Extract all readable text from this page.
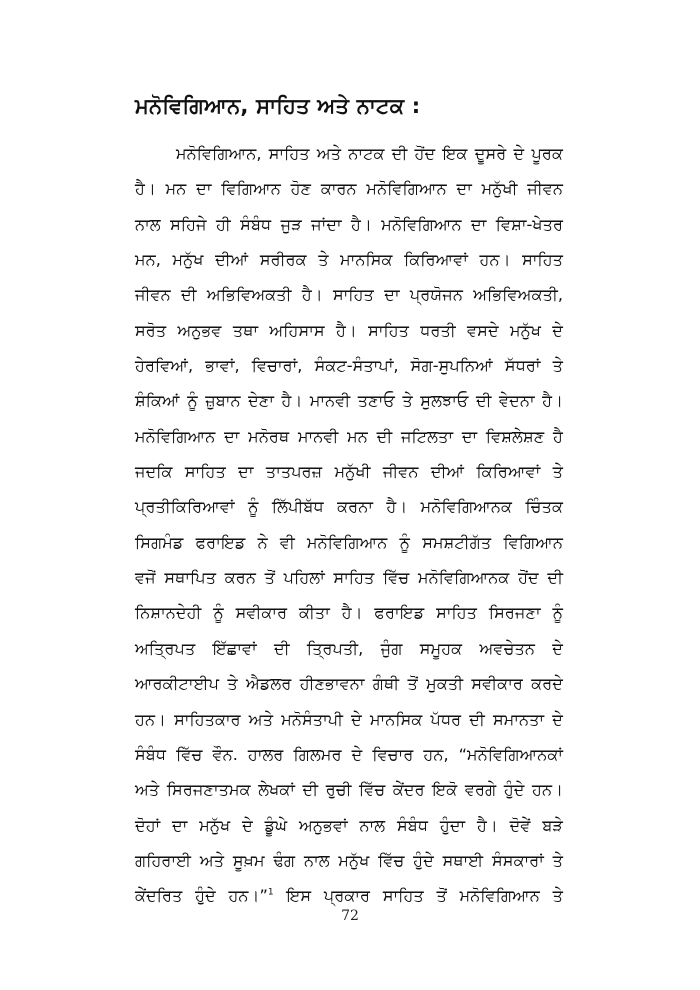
ਮਨੋਵਿਗਿਆਨ, ਸਾਹਿਤ ਅਤੇ ਨਾਟਕ :
ਮਨੋਵਿਗਿਆਨ, ਸਾਹਿਤ ਅਤੇ ਨਾਟਕ ਦੀ ਹੋਂਦ ਇਕ ਦੂਸਰੇ ਦੇ ਪੂਰਕ
ਹੈ। ਮਨ ਦਾ ਵਿਗਿਆਨ ਹੋਣ ਕਾਰਨ ਮਨੋਵਿਗਿਆਨ ਦਾ ਮਨੁੱਖੀ ਜੀਵਨ
ਨਾਲ ਸਹਿਜੇ ਹੀ ਸੰਬੰਧ ਜੁੜ ਜਾਂਦਾ ਹੈ। ਮਨੋਵਿਗਿਆਨ ਦਾ ਵਿਸ਼ਾ-ਖੇਤਰ
ਮਨ, ਮਨੁੱਖ ਦੀਆਂ ਸਰੀਰਕ ਤੇ ਮਾਨਸਿਕ ਕਿਰਿਆਵਾਂ ਹਨ। ਸਾਹਿਤ
ਜੀਵਨ ਦੀ ਅਭਿਵਿਅਕਤੀ ਹੈ। ਸਾਹਿਤ ਦਾ ਪ੍ਰਯੋਜਨ ਅਭਿਵਿਅਕਤੀ,
ਸਰੋਤ ਅਨੁਭਵ ਤਥਾ ਅਹਿਸਾਸ ਹੈ। ਸਾਹਿਤ ਧਰਤੀ ਵਸਦੇ ਮਨੁੱਖ ਦੇ
ਹੇਰਵਿਆਂ, ਭਾਵਾਂ, ਵਿਚਾਰਾਂ, ਸੰਕਟ-ਸੰਤਾਪਾਂ, ਸੋਗ-ਸੁਪਨਿਆਂ ਸੱਧਰਾਂ ਤੇ
ਸ਼ੰਕਿਆਂ ਨੂੰ ਜ਼ੁਬਾਨ ਦੇਣਾ ਹੈ। ਮਾਨਵੀ ਤਣਾਓ ਤੇ ਸੁਲਝਾਓ ਦੀ ਵੇਦਨਾ ਹੈ।
ਮਨੋਵਿਗਿਆਨ ਦਾ ਮਨੋਰਥ ਮਾਨਵੀ ਮਨ ਦੀ ਜਟਿਲਤਾ ਦਾ ਵਿਸ਼ਲੇਸ਼ਣ ਹੈ
ਜਦਕਿ ਸਾਹਿਤ ਦਾ ਤਾਤਪਰਜ਼ ਮਨੁੱਖੀ ਜੀਵਨ ਦੀਆਂ ਕਿਰਿਆਵਾਂ ਤੇ
ਪ੍ਰਤੀਕਿਰਿਆਵਾਂ ਨੂੰ ਲਿੱਪੀਬੱਧ ਕਰਨਾ ਹੈ। ਮਨੋਵਿਗਿਆਨਕ ਚਿੰਤਕ
ਸਿਗਮੰਡ ਫਰਾਇਡ ਨੇ ਵੀ ਮਨੋਵਿਗਿਆਨ ਨੂੰ ਸਮਸ਼ਟੀਗੱਤ ਵਿਗਿਆਨ
ਵਜੋਂ ਸਥਾਪਿਤ ਕਰਨ ਤੋਂ ਪਹਿਲਾਂ ਸਾਹਿਤ ਵਿੱਚ ਮਨੋਵਿਗਿਆਨਕ ਹੋਂਦ ਦੀ
ਨਿਸ਼ਾਨਦੇਹੀ ਨੂੰ ਸਵੀਕਾਰ ਕੀਤਾ ਹੈ। ਫਰਾਇਡ ਸਾਹਿਤ ਸਿਰਜਣਾ ਨੂੰ
ਅਤ੍ਰਿਪਤ ਇੱਛਾਵਾਂ ਦੀ ਤ੍ਰਿਪਤੀ, ਜੁੰਗ ਸਮੂਹਕ ਅਵਚੇਤਨ ਦੇ
ਆਰਕੀਟਾਈਪ ਤੇ ਐਡਲਰ ਹੀਣਭਾਵਨਾ ਗੰਥੀ ਤੋਂ ਮੁਕਤੀ ਸਵੀਕਾਰ ਕਰਦੇ
ਹਨ। ਸਾਹਿਤਕਾਰ ਅਤੇ ਮਨੋਸੰਤਾਪੀ ਦੇ ਮਾਨਸਿਕ ਪੱਧਰ ਦੀ ਸਮਾਨਤਾ ਦੇ
ਸੰਬੰਧ ਵਿੱਚ ਵੌਨ. ਹਾਲਰ ਗਿਲਮਰ ਦੇ ਵਿਚਾਰ ਹਨ, “ਮਨੋਵਿਗਿਆਨਕਾਂ
ਅਤੇ ਸਿਰਜਣਾਤਮਕ ਲੇਖਕਾਂ ਦੀ ਰੁਚੀ ਵਿੱਚ ਕੇਂਦਰ ਇਕੋ ਵਰਗੇ ਹੁੰਦੇ ਹਨ।
ਦੋਹਾਂ ਦਾ ਮਨੁੱਖ ਦੇ ਡੂੰਘੇ ਅਨੁਭਵਾਂ ਨਾਲ ਸੰਬੰਧ ਹੁੰਦਾ ਹੈ। ਦੋਵੇਂ ਬੜੇ
ਗਹਿਰਾਈ ਅਤੇ ਸੂਖ਼ਮ ਢੰਗ ਨਾਲ ਮਨੁੱਖ ਵਿੱਚ ਹੁੰਦੇ ਸਥਾਈ ਸੰਸਕਾਰਾਂ ਤੇ
ਕੇਂਦਰਿਤ ਹੁੰਦੇ ਹਨ।”$^1$ ਇਸ ਪ੍ਰਕਾਰ ਸਾਹਿਤ ਤੋਂ ਮਨੋਵਿਗਿਆਨ ਤੇ
72
